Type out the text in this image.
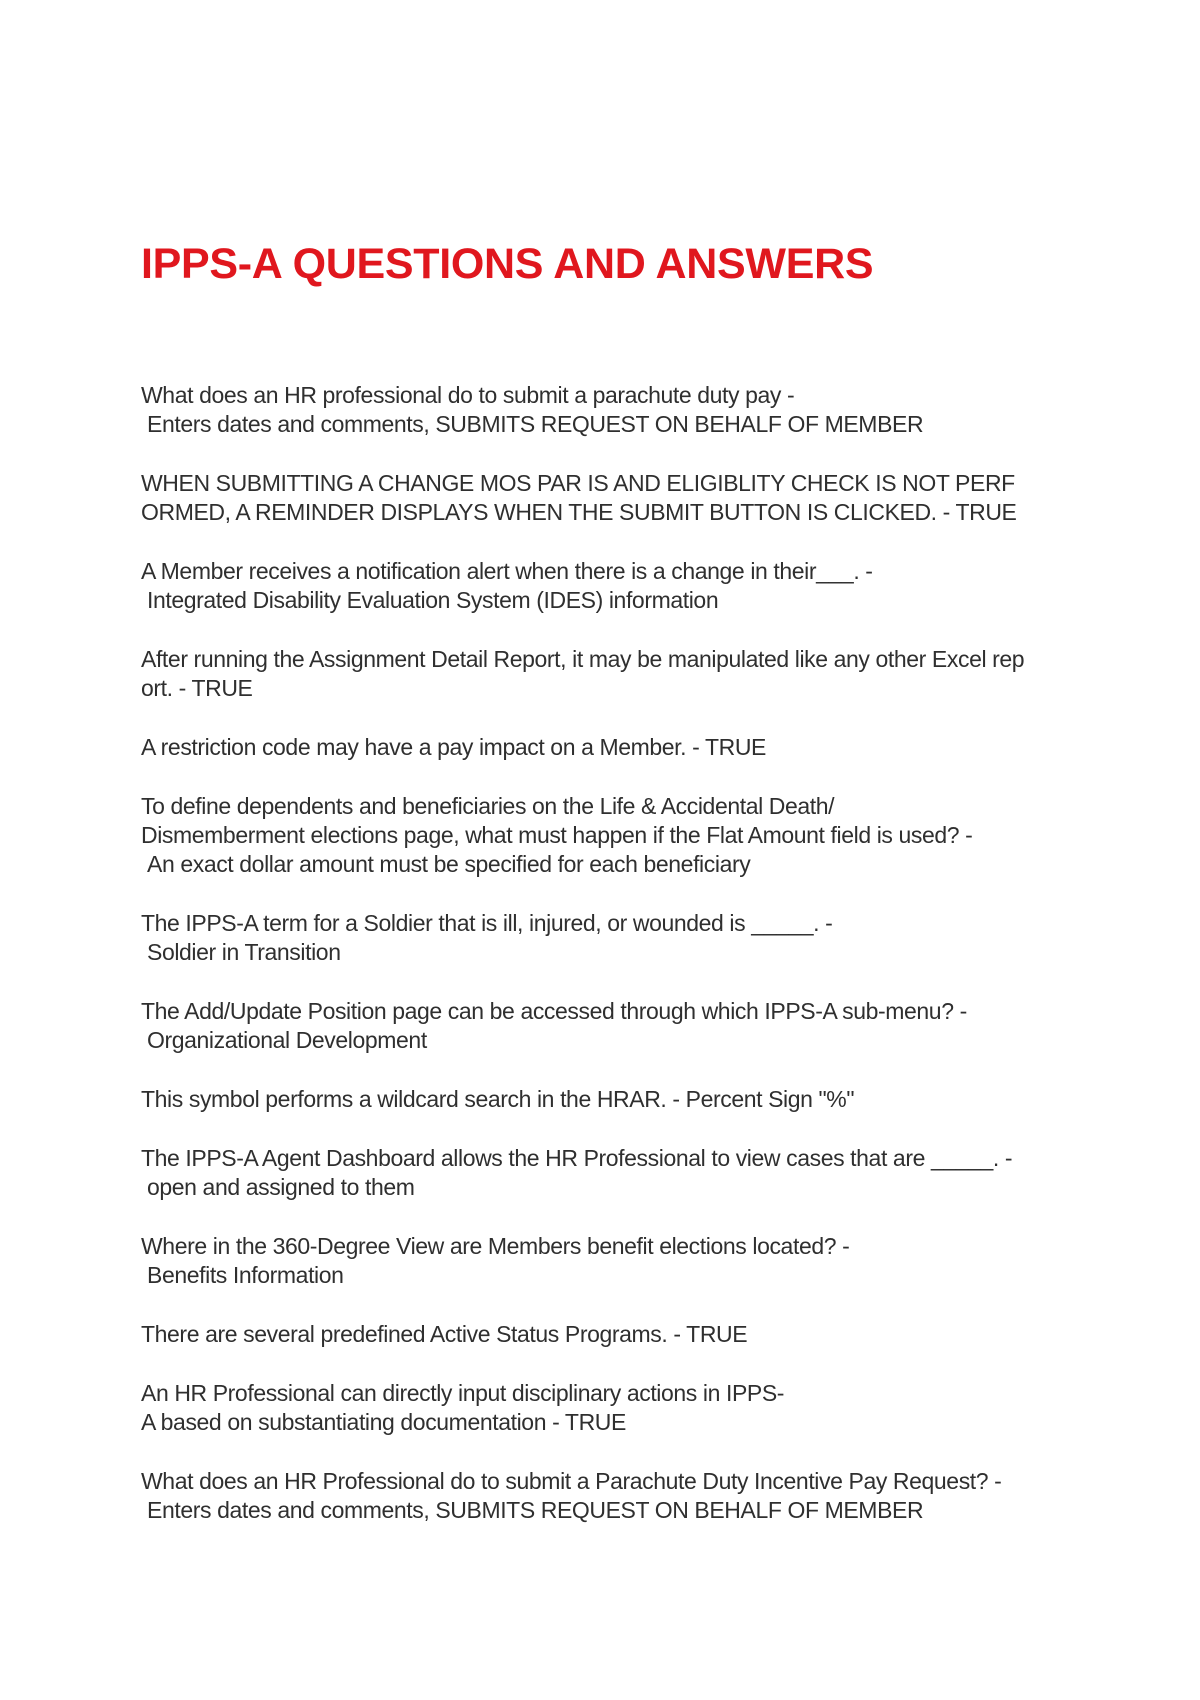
IPPS-A QUESTIONS AND ANSWERS
What does an HR professional do to submit a parachute duty pay -
Enters dates and comments, SUBMITS REQUEST ON BEHALF OF MEMBER
WHEN SUBMITTING A CHANGE MOS PAR IS AND ELIGIBLITY CHECK IS NOT PERF
ORMED, A REMINDER DISPLAYS WHEN THE SUBMIT BUTTON IS CLICKED. - TRUE
A Member receives a notification alert when there is a change in their___. -
Integrated Disability Evaluation System (IDES) information
After running the Assignment Detail Report, it may be manipulated like any other Excel rep
ort. - TRUE
A restriction code may have a pay impact on a Member. - TRUE
To define dependents and beneficiaries on the Life & Accidental Death/
Dismemberment elections page, what must happen if the Flat Amount field is used? -
An exact dollar amount must be specified for each beneficiary
The IPPS-A term for a Soldier that is ill, injured, or wounded is _____. -
Soldier in Transition
The Add/Update Position page can be accessed through which IPPS-A sub-menu? -
Organizational Development
This symbol performs a wildcard search in the HRAR. - Percent Sign "%"
The IPPS-A Agent Dashboard allows the HR Professional to view cases that are _____. -
open and assigned to them
Where in the 360-Degree View are Members benefit elections located? -
Benefits Information
There are several predefined Active Status Programs. - TRUE
An HR Professional can directly input disciplinary actions in IPPS-
A based on substantiating documentation - TRUE
What does an HR Professional do to submit a Parachute Duty Incentive Pay Request? -
Enters dates and comments, SUBMITS REQUEST ON BEHALF OF MEMBER
